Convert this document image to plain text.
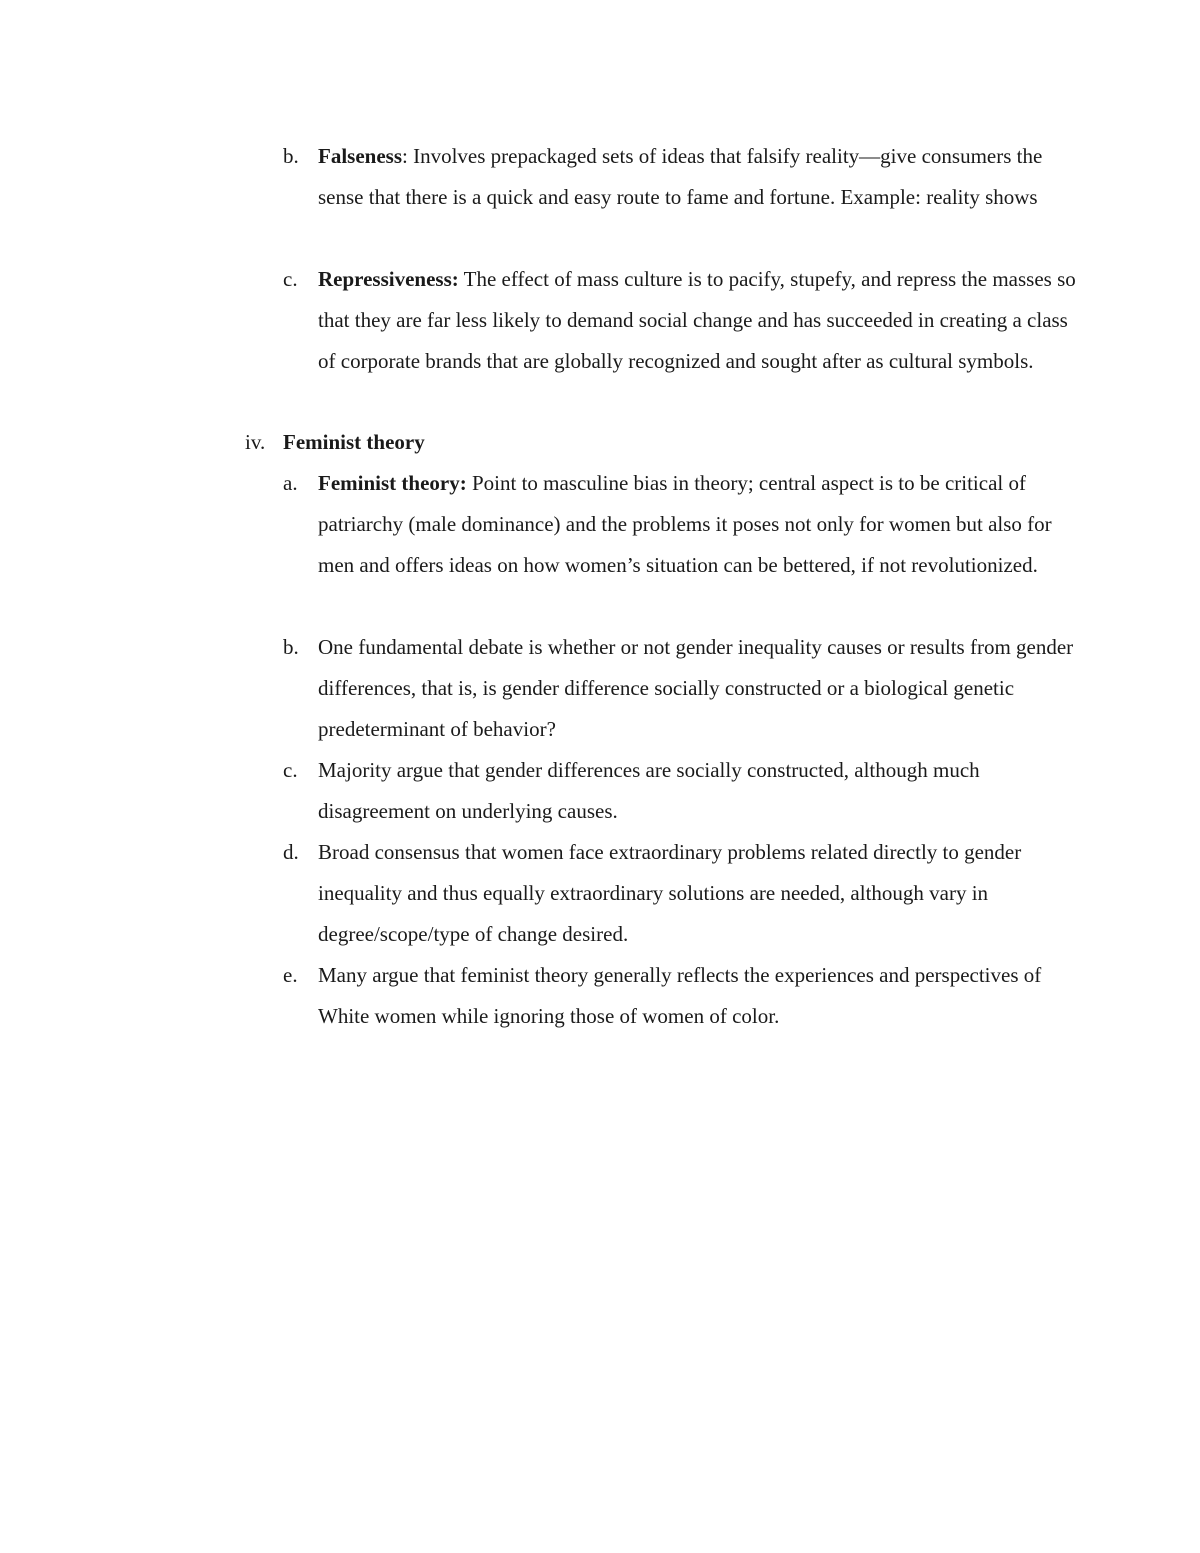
b. Falseness: Involves prepackaged sets of ideas that falsify reality—give consumers the sense that there is a quick and easy route to fame and fortune. Example: reality shows
c. Repressiveness: The effect of mass culture is to pacify, stupefy, and repress the masses so that they are far less likely to demand social change and has succeeded in creating a class of corporate brands that are globally recognized and sought after as cultural symbols.
iv. Feminist theory
a. Feminist theory: Point to masculine bias in theory; central aspect is to be critical of patriarchy (male dominance) and the problems it poses not only for women but also for men and offers ideas on how women’s situation can be bettered, if not revolutionized.
b. One fundamental debate is whether or not gender inequality causes or results from gender differences, that is, is gender difference socially constructed or a biological genetic predeterminant of behavior?
c. Majority argue that gender differences are socially constructed, although much disagreement on underlying causes.
d. Broad consensus that women face extraordinary problems related directly to gender inequality and thus equally extraordinary solutions are needed, although vary in degree/scope/type of change desired.
e. Many argue that feminist theory generally reflects the experiences and perspectives of White women while ignoring those of women of color.
